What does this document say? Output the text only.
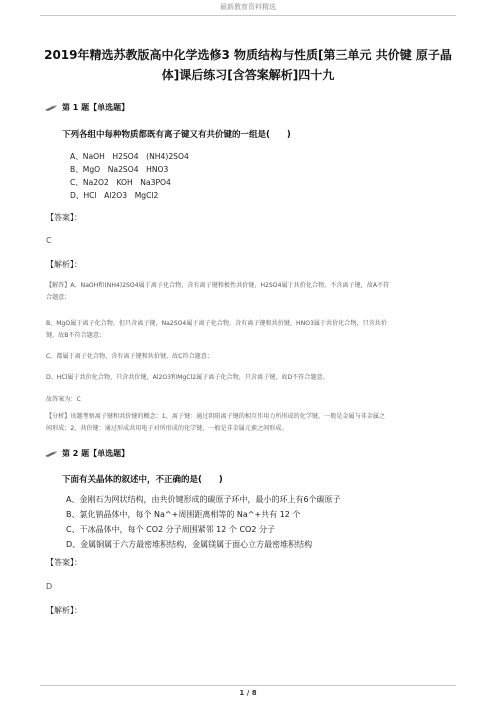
最新教育资料精选
2019年精选苏教版高中化学选修3 物质结构与性质[第三单元 共价键 原子晶
体]课后练习[含答案解析]四十九
第 1 题【单选题】
下列各组中每种物质都既有离子键又有共价键的一组是(　　)
A、NaOH　H2SO4　(NH4)2SO4
B、MgO　Na2SO4　HNO3
C、Na2O2　KOH　Na3PO4
D、HCl　Al2O3　MgCl2
【答案】：
C
【解析】：
【解答】A、NaOH和(NH4)2SO4属于离子化合物，含有离子键和极性共价键，H2SO4属于共价化合物，不含离子键，故A不符
合题意；
B、MgO属于离子化合物，但只含离子键，Na2SO4属于离子化合物，含有离子键和共价键，HNO3属于共价化合物，只含共价
键，故B不符合题意；
C、都属于离子化合物，含有离子键和共价键，故C符合题意；
D、HCl属于共价化合物，只含共价键，Al2O3和MgCl2属于离子化合物，只含离子键，故D不符合题意。
故答案为：C
【分析】该题考察离子键和共价键的概念；1、离子键：通过阴阳离子键的相互作用力所形成的化学键，一般是金属与非金属之
间形成；2、共价键：通过形成共用电子对所形成的化学键，一般是非金属元素之间形成。
第 2 题【单选题】
下面有关晶体的叙述中，不正确的是(　　)
A、金刚石为网状结构，由共价键形成的碳原子环中，最小的环上有6个碳原子
B、氯化钠晶体中，每个 Na^+周围距离相等的 Na^+共有 12 个
C、干冰晶体中，每个 CO2 分子周围紧邻 12 个 CO2 分子
D、金属铜属于六方最密堆积结构，金属镁属于面心立方最密堆积结构
【答案】：
D
【解析】：
1 / 8
